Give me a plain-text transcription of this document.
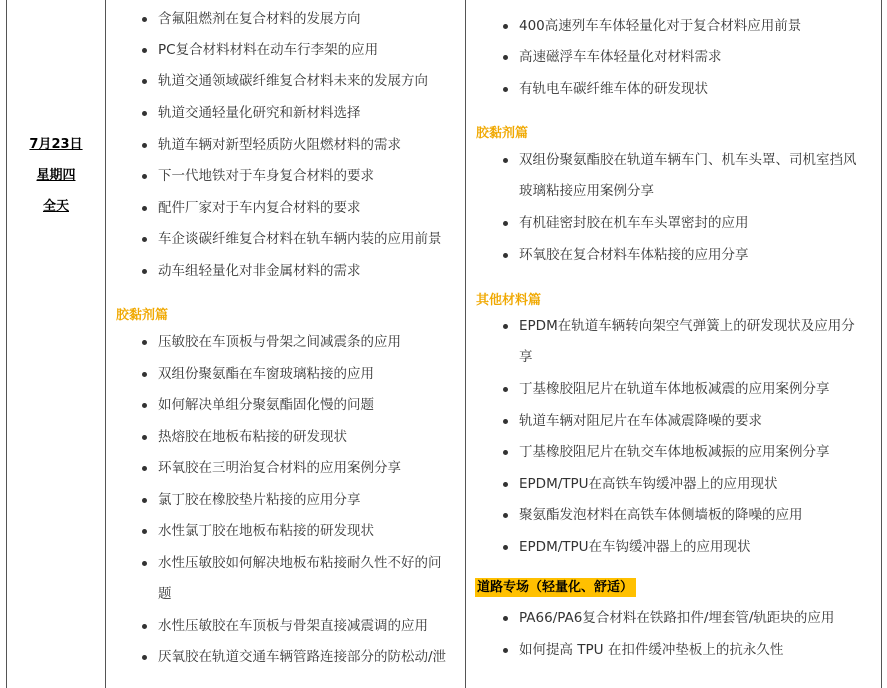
7月23日
星期四
全天
含氟阻燃剂在复合材料的发展方向
PC复合材料材料在动车行李架的应用
轨道交通领域碳纤维复合材料未来的发展方向
轨道交通轻量化研究和新材料选择
轨道车辆对新型轻质防火阻燃材料的需求
下一代地铁对于车身复合材料的要求
配件厂家对于车内复合材料的要求
车企谈碳纤维复合材料在轨车辆内装的应用前景
动车组轻量化对非金属材料的需求
胶黏剂篇
压敏胶在车顶板与骨架之间减震条的应用
双组份聚氨酯在车窗玻璃粘接的应用
如何解决单组分聚氨酯固化慢的问题
热熔胶在地板布粘接的研发现状
环氧胶在三明治复合材料的应用案例分享
氯丁胶在橡胶垫片粘接的应用分享
水性氯丁胶在地板布粘接的研发现状
水性压敏胶如何解决地板布粘接耐久性不好的问
题
水性压敏胶在车顶板与骨架直接减震调的应用
厌氧胶在轨道交通车辆管路连接部分的防松动/泄
400高速列车车体轻量化对于复合材料应用前景
高速磁浮车车体轻量化对材料需求
有轨电车碳纤维车体的研发现状
胶黏剂篇
双组份聚氨酯胶在轨道车辆车门、机车头罩、司机室挡风
玻璃粘接应用案例分享
有机硅密封胶在机车车头罩密封的应用
环氧胶在复合材料车体粘接的应用分享
其他材料篇
EPDM在轨道车辆转向架空气弹簧上的研发现状及应用分
享
丁基橡胶阻尼片在轨道车体地板减震的应用案例分享
轨道车辆对阻尼片在车体减震降噪的要求
丁基橡胶阻尼片在轨交车体地板减振的应用案例分享
EPDM/TPU在高铁车钩缓冲器上的应用现状
聚氨酯发泡材料在高铁车体侧墙板的降噪的应用
EPDM/TPU在车钩缓冲器上的应用现状
道路专场（轻量化、舒适）
PA66/PA6复合材料在铁路扣件/埋套管/轨距块的应用
如何提高 TPU 在扣件缓冲垫板上的抗永久性
